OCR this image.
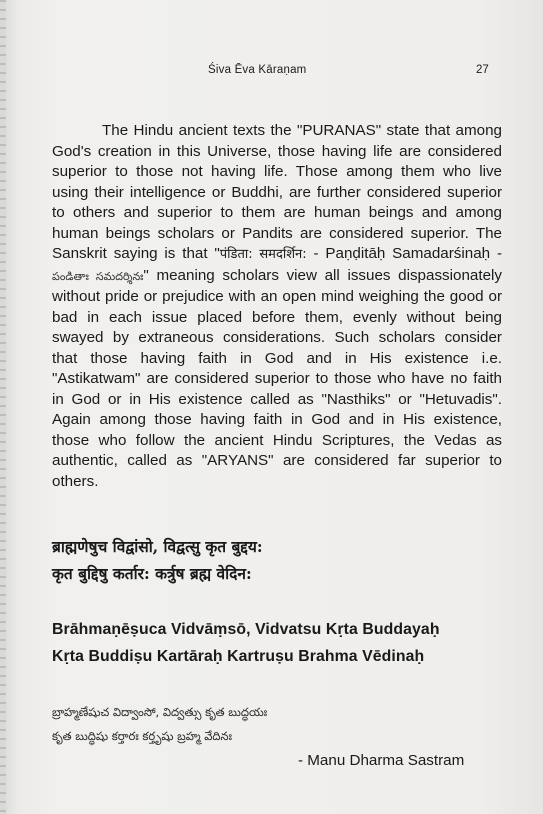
Śiva Ēva Kāraṇam	27

The Hindu ancient texts the "PURANAS" state that among God's creation in this Universe, those having life are considered superior to those not having life. Those among them who live using their intelligence or Buddhi, are further considered superior to others and superior to them are human beings and among human beings scholars or Pandits are considered superior. The Sanskrit saying is that "पंडिता: समदर्शिन: - Paṇḍitāḥ Samadarśinaḥ - పండితాః సమదర్శినః" meaning scholars view all issues dispassionately without pride or prejudice with an open mind weighing the good or bad in each issue placed before them, evenly without being swayed by extraneous considerations. Such scholars consider that those having faith in God and in His existence i.e. "Astikatwam" are considered superior to those who have no faith in God or in His existence called as "Nasthiks" or "Hetuvadis". Again among those having faith in God and in His existence, those who follow the ancient Hindu Scriptures, the Vedas as authentic, called as "ARYANS" are considered far superior to others.

ब्राह्मणेषुच विद्वांसो, विद्वत्सु कृत बुद्दय:
कृत बुद्दिषु कर्तार: कर्त्रुष ब्रह्म वेदिन:
Brāhmaṇēṣuca Vidvāṃsō, Vidvatsu Kṛta Buddayaḥ
Kṛta Buddiṣu Kartāraḥ Kartruṣu Brahma Vēdinaḥ
బ్రాహ్మణేషుచ విద్వాంసో, విద్వత్సు కృత బుద్ధయః
కృత బుద్ధిషు కర్తారః కర్తృషు బ్రహ్మ వేదినః
- Manu Dharma Sastram
